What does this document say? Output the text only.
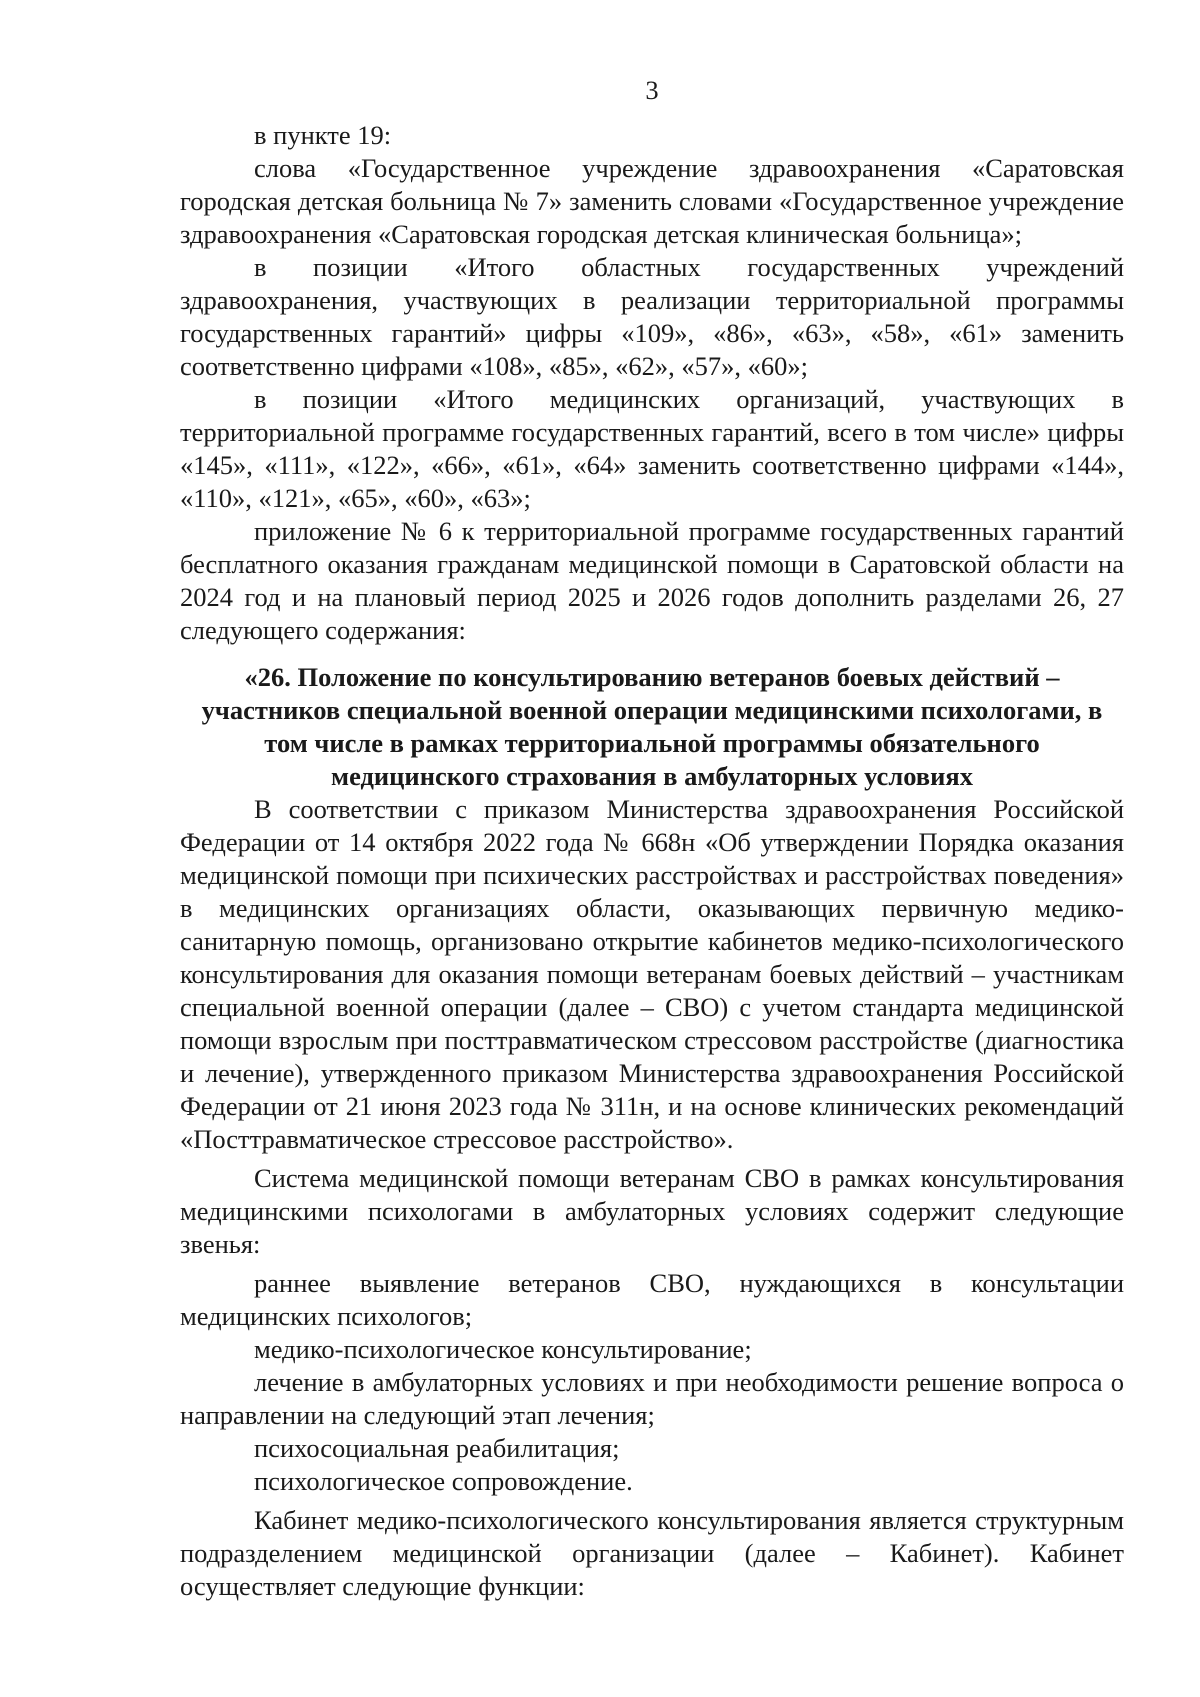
3

в пункте 19:

слова «Государственное учреждение здравоохранения «Саратовская городская детская больница № 7» заменить словами «Государственное учреждение здравоохранения «Саратовская городская детская клиническая больница»;

в позиции «Итого областных государственных учреждений здравоохранения, участвующих в реализации территориальной программы государственных гарантий» цифры «109», «86», «63», «58», «61» заменить соответственно цифрами «108», «85», «62», «57», «60»;

в позиции «Итого медицинских организаций, участвующих в территориальной программе государственных гарантий, всего в том числе» цифры «145», «111», «122», «66», «61», «64» заменить соответственно цифрами «144», «110», «121», «65», «60», «63»;

приложение № 6 к территориальной программе государственных гарантий бесплатного оказания гражданам медицинской помощи в Саратовской области на 2024 год и на плановый период 2025 и 2026 годов дополнить разделами 26, 27 следующего содержания:

«26. Положение по консультированию ветеранов боевых действий – участников специальной военной операции медицинскими психологами, в том числе в рамках территориальной программы обязательного медицинского страхования в амбулаторных условиях

В соответствии с приказом Министерства здравоохранения Российской Федерации от 14 октября 2022 года № 668н «Об утверждении Порядка оказания медицинской помощи при психических расстройствах и расстройствах поведения» в медицинских организациях области, оказывающих первичную медико-санитарную помощь, организовано открытие кабинетов медико-психологического консультирования для оказания помощи ветеранам боевых действий – участникам специальной военной операции (далее – СВО) с учетом стандарта медицинской помощи взрослым при посттравматическом стрессовом расстройстве (диагностика и лечение), утвержденного приказом Министерства здравоохранения Российской Федерации от 21 июня 2023 года № 311н, и на основе клинических рекомендаций «Посттравматическое стрессовое расстройство».

Система медицинской помощи ветеранам СВО в рамках консультирования медицинскими психологами в амбулаторных условиях содержит следующие звенья:

раннее выявление ветеранов СВО, нуждающихся в консультации медицинских психологов;

медико-психологическое консультирование;

лечение в амбулаторных условиях и при необходимости решение вопроса о направлении на следующий этап лечения;

психосоциальная реабилитация;

психологическое сопровождение.

Кабинет медико-психологического консультирования является структурным подразделением медицинской организации (далее – Кабинет). Кабинет осуществляет следующие функции:
